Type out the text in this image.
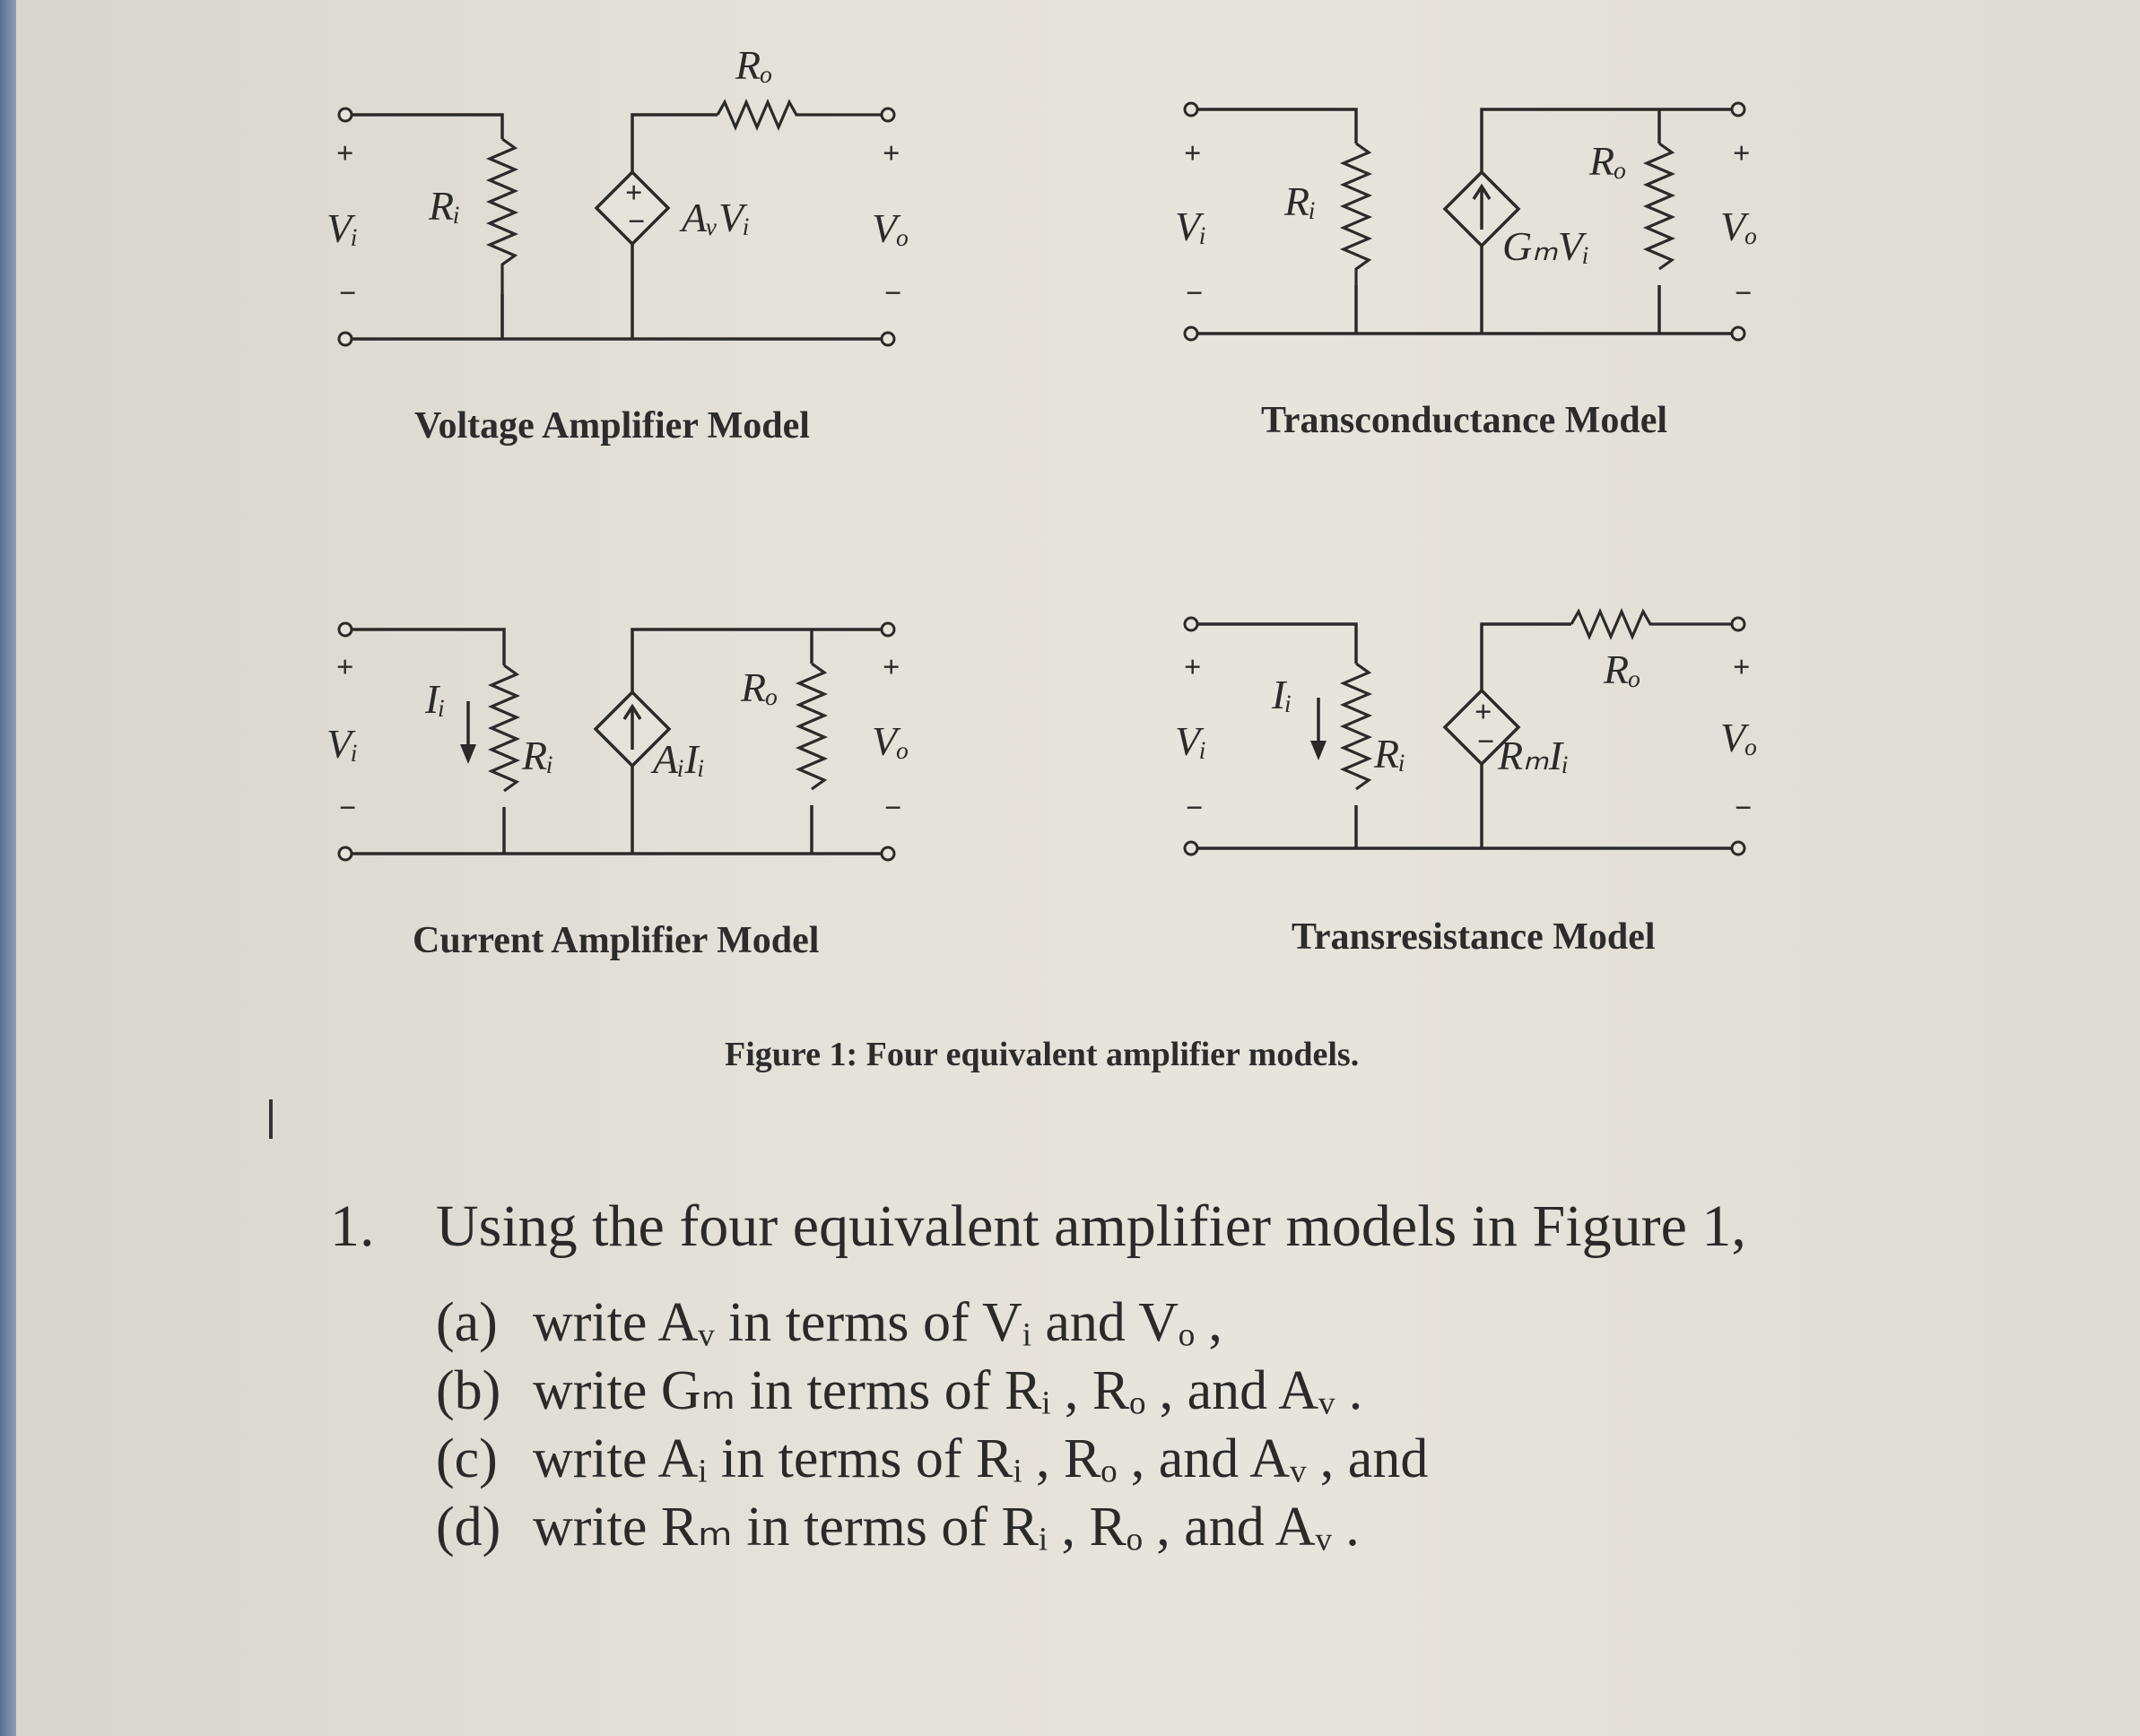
+
−
+
−
+
−
Vᵢ Rᵢ	AᵥVᵢ
Rₒ
Vₒ
Voltage Amplifier Model
+
−
+
−
Vᵢ
Rᵢ
GₘVᵢ
Rₒ
Vₒ
Transconductance Model
+
−
+
−
Vᵢ
Iᵢ
Rᵢ AᵢIᵢ
Rₒ
Vₒ
Current Amplifier Model
+
−
+
−
+
−
Vᵢ
Iᵢ
Rᵢ RₘIᵢ
Rₒ
Vₒ
Transresistance Model
Figure 1: Four equivalent amplifier models.
1.	Using the four equivalent amplifier models in Figure 1,
(a) write Aᵥ in terms of Vᵢ and Vₒ ,
(b) write Gₘ in terms of Rᵢ , Rₒ , and Aᵥ .
(c) write Aᵢ in terms of Rᵢ , Rₒ , and Aᵥ , and
(d) write Rₘ in terms of Rᵢ , Rₒ , and Aᵥ .
